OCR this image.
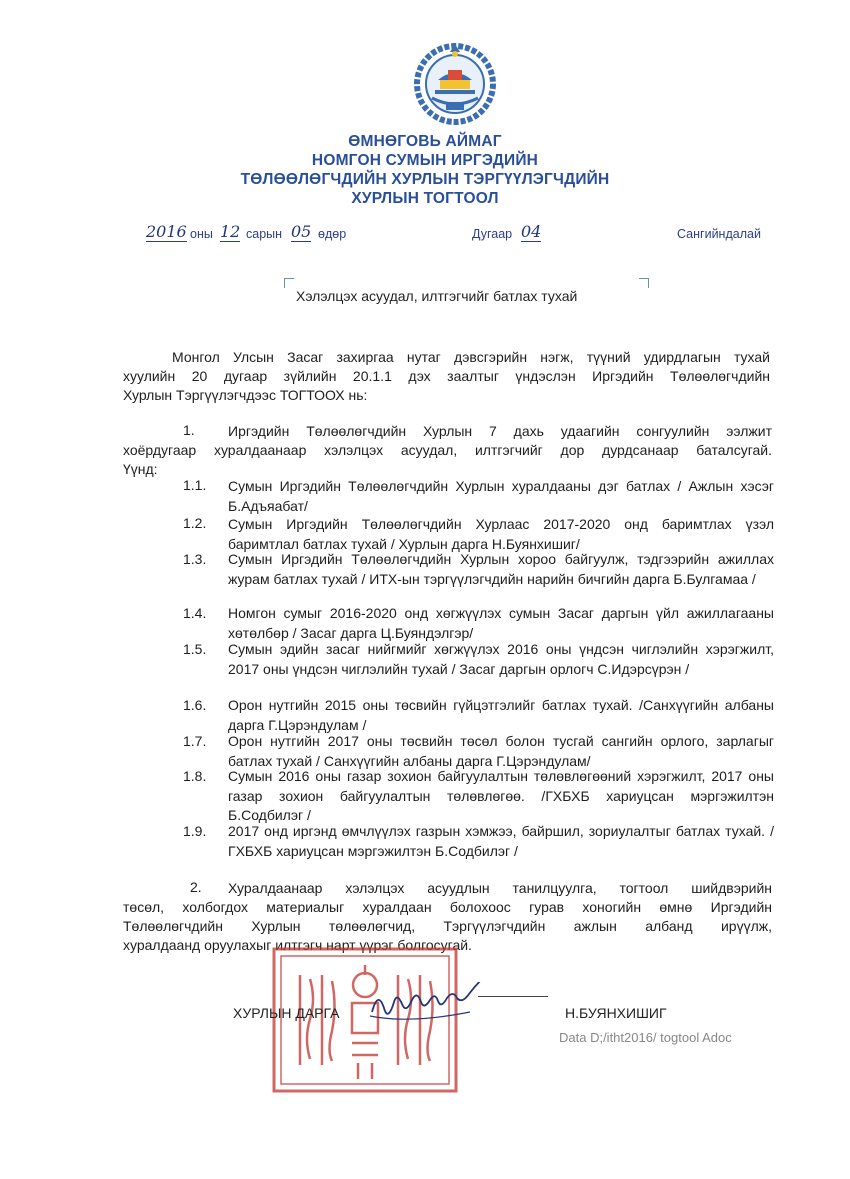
ӨМНӨГОВЬ АЙМАГ
НОМГОН СУМЫН ИРГЭДИЙН
ТӨЛӨӨЛӨГЧДИЙН ХУРЛЫН ТЭРГҮҮЛЭГЧДИЙН
ХУРЛЫН ТОГТООЛ
2016 оны 12 сарын 05 өдөр	Дугаар 04	Сангийндалай
Хэлэлцэх асуудал, илтгэгчийг батлах тухай
Монгол Улсын Засаг захиргаа нутаг дэвсгэрийн нэгж, түүний удирдлагын тухай
хуулийн 20 дугаар зүйлийн 20.1.1 дэх заалтыг үндэслэн Иргэдийн Төлөөлөгчдийн
Хурлын Тэргүүлэгчдээс ТОГТООХ нь:
1. Иргэдийн Төлөөлөгчдийн Хурлын 7 дахь удаагийн сонгуулийн ээлжит
хоёрдугаар хуралдаанаар хэлэлцэх асуудал, илтгэгчийг дор дурдсанаар баталсугай.
Үүнд:
1.1. Сумын Иргэдийн Төлөөлөгчдийн Хурлын хуралдааны дэг батлах / Ажлын хэсэг Б.Адъяабат/
1.2. Сумын Иргэдийн Төлөөлөгчдийн Хурлаас 2017-2020 онд баримтлах үзэл баримтлал батлах тухай / Хурлын дарга Н.Буянхишиг/
1.3. Сумын Иргэдийн Төлөөлөгчдийн Хурлын хороо байгуулж, тэдгээрийн ажиллах журам батлах тухай / ИТХ-ын тэргүүлэгчдийн нарийн бичгийн дарга Б.Булгамаа /
1.4. Номгон сумыг 2016-2020 онд хөгжүүлэх сумын Засаг даргын үйл ажиллагааны хөтөлбөр / Засаг дарга Ц.Буяндэлгэр/
1.5. Сумын эдийн засаг нийгмийг хөгжүүлэх 2016 оны үндсэн чиглэлийн хэрэгжилт, 2017 оны үндсэн чиглэлийн тухай / Засаг даргын орлогч С.Идэрсүрэн /
1.6. Орон нутгийн 2015 оны төсвийн гүйцэтгэлийг батлах тухай. /Санхүүгийн албаны дарга Г.Цэрэндулам /
1.7. Орон нутгийн 2017 оны төсвийн төсөл болон тусгай сангийн орлого, зарлагыг батлах тухай / Санхүүгийн албаны дарга Г.Цэрэндулам/
1.8. Сумын 2016 оны газар зохион байгуулалтын төлөвлөгөөний хэрэгжилт, 2017 оны газар зохион байгуулалтын төлөвлөгөө. /ГХБХБ хариуцсан мэргэжилтэн Б.Содбилэг /
1.9. 2017 онд иргэнд өмчлүүлэх газрын хэмжээ, байршил, зориулалтыг батлах тухай. /ГХБХБ хариуцсан мэргэжилтэн Б.Содбилэг /
2. Хуралдаанаар хэлэлцэх асуудлын танилцуулга, тогтоол шийдвэрийн
төсөл, холбогдох материалыг хуралдаан болохоос гурав хоногийн өмнө Иргэдийн
Төлөөлөгчдийн Хурлын төлөөлөгчид, Тэргүүлэгчдийн ажлын албанд ирүүлж,
хуралдаанд оруулахыг илтгэгч нарт үүрэг болгосугай.
ХУРЛЫН ДАРГА	Н.БУЯНХИШИГ
Data D;/itht2016/ togtool Adoc
